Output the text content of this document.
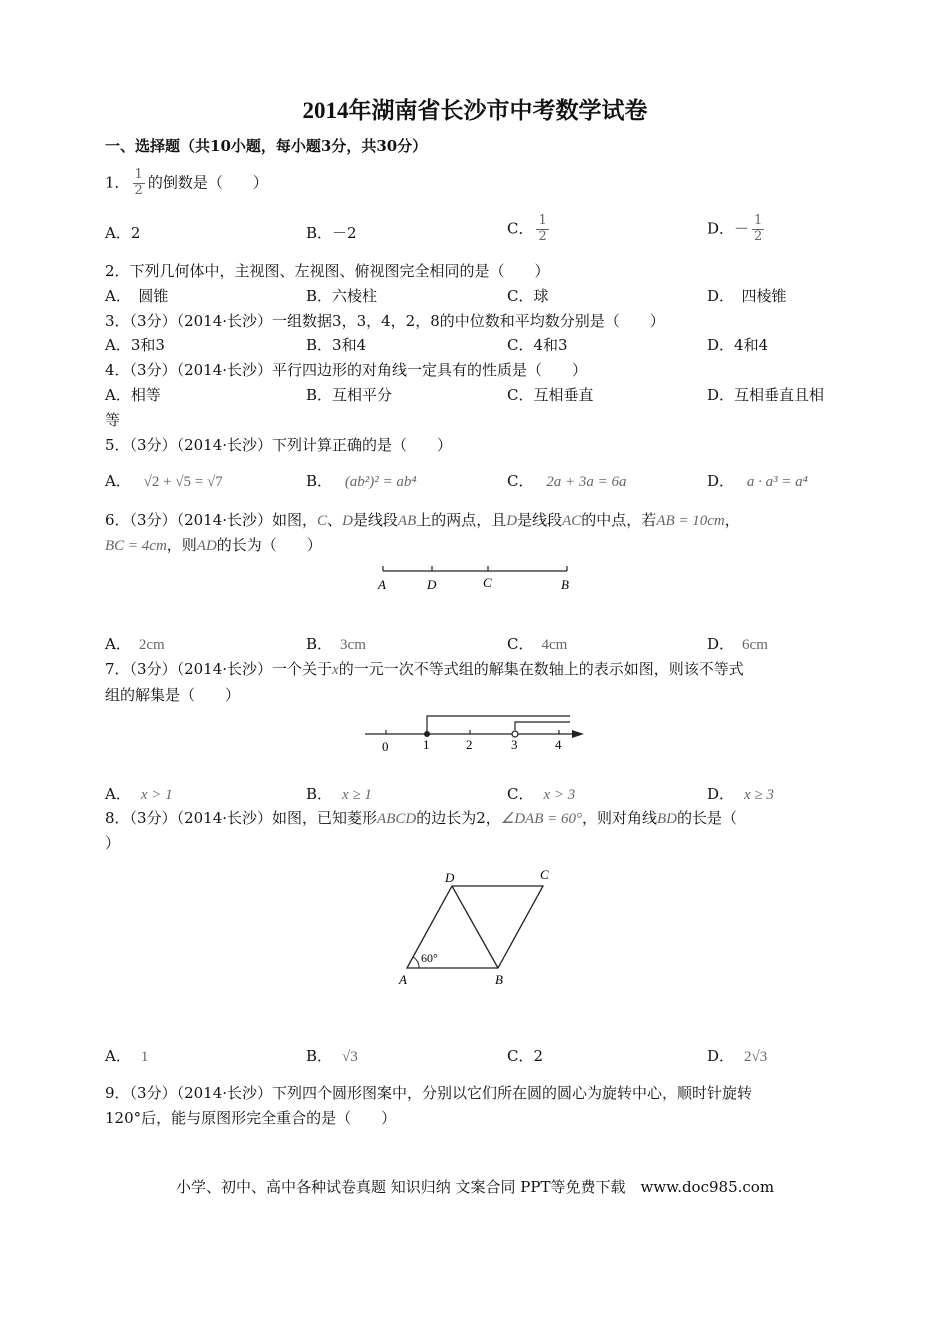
2014年湖南省长沙市中考数学试卷
一、选择题（共10小题，每小题3分，共30分）
1． $\frac{1}{2}$ 的倒数是（　　）
A．2	B．－2	C． $\frac{1}{2}$	D．－ $\frac{1}{2}$
2．下列几何体中，主视图、左视图、俯视图完全相同的是（　　）
A．　圆锥	B．六棱柱	C．球	D．　四棱锥
3．（3分）（2014·长沙）一组数据3，3，4，2，8的中位数和平均数分别是（　　）
A．3和3	B．3和4	C．4和3	D．4和4
4．（3分）（2014·长沙）平行四边形的对角线一定具有的性质是（　　）
A．相等	B．互相平分	C．互相垂直	D．互相垂直且相
等
5．（3分）（2014·长沙）下列计算正确的是（　　）
A． √2 + √5 = √7	B． (ab²)² = ab⁴	C． 2a + 3a = 6a	D． a · a³ = a⁴
6．（3分）（2014·长沙）如图，C、D是线段AB上的两点，且D是线段AC的中点，若AB = 10cm，
BC = 4cm，则AD的长为（　　）
A	D	C	B
A． 2cm	B． 3cm	C． 4cm	D． 6cm
7．（3分）（2014·长沙）一个关于x的一元一次不等式组的解集在数轴上的表示如图，则该不等式
组的解集是（　　）
0	1	2	3	4
A． x > 1	B． x ≥ 1	C． x > 3	D． x ≥ 3
8．（3分）（2014·长沙）如图，已知菱形ABCD的边长为2，∠DAB = 60°，则对角线BD的长是（
）
D	C
A	B
60°
A． 1	B． √3	C．2	D． 2√3
9．（3分）（2014·长沙）下列四个圆形图案中，分别以它们所在圆的圆心为旋转中心，顺时针旋转
120°后，能与原图形完全重合的是（　　）
小学、初中、高中各种试卷真题 知识归纳 文案合同 PPT等免费下载　www.doc985.com
